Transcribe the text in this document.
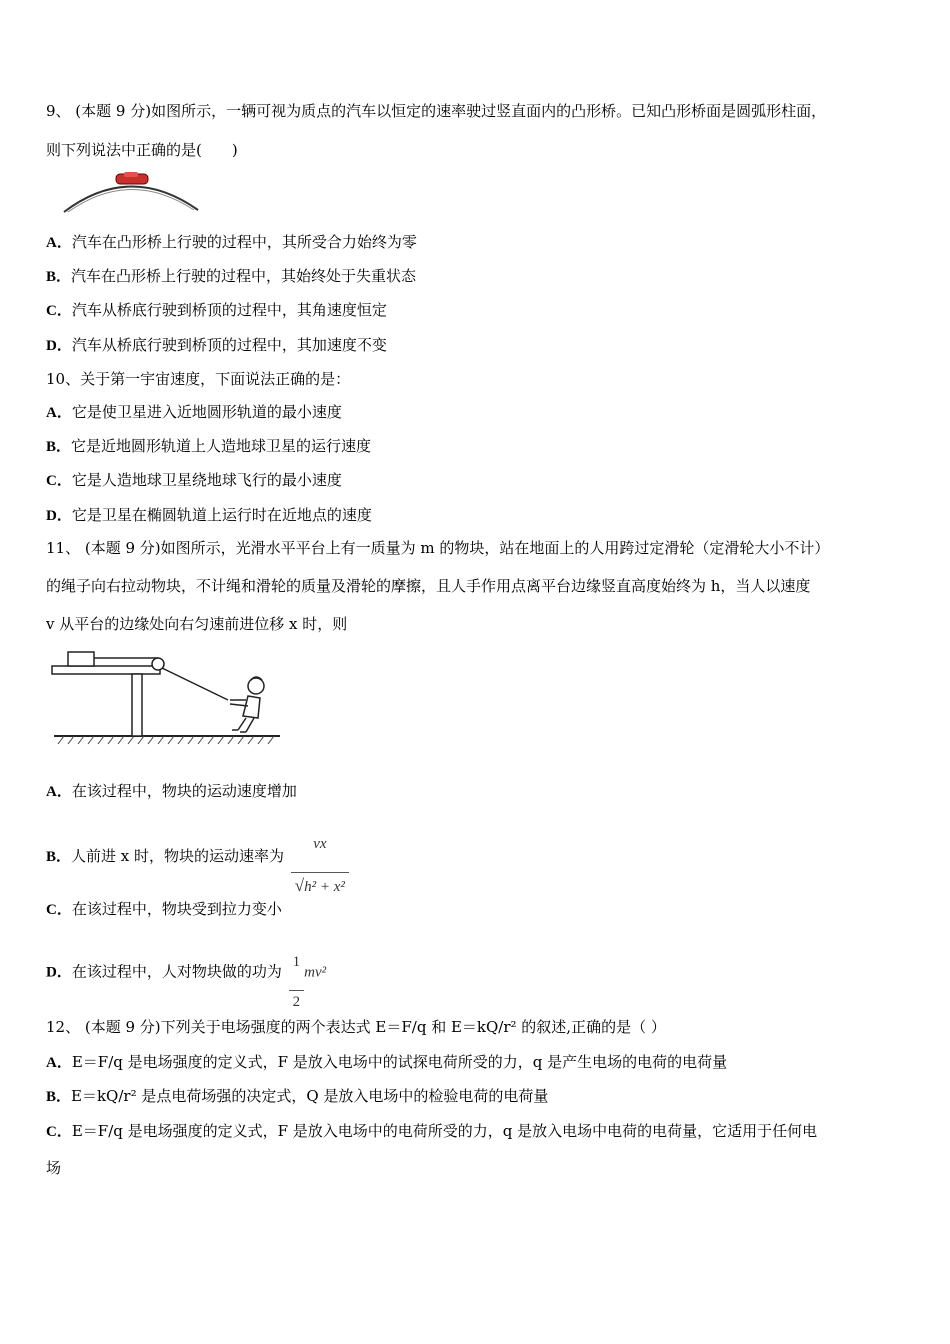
9、 (本题 9 分)如图所示，一辆可视为质点的汽车以恒定的速率驶过竖直面内的凸形桥。已知凸形桥面是圆弧形柱面，
则下列说法中正确的是(　　)
A．汽车在凸形桥上行驶的过程中，其所受合力始终为零
B．汽车在凸形桥上行驶的过程中，其始终处于失重状态
C．汽车从桥底行驶到桥顶的过程中，其角速度恒定
D．汽车从桥底行驶到桥顶的过程中，其加速度不变
10、关于第一宇宙速度，下面说法正确的是：
A．它是使卫星进入近地圆形轨道的最小速度
B．它是近地圆形轨道上人造地球卫星的运行速度
C．它是人造地球卫星绕地球飞行的最小速度
D．它是卫星在椭圆轨道上运行时在近地点的速度
11、 (本题 9 分)如图所示，光滑水平平台上有一质量为 m 的物块，站在地面上的人用跨过定滑轮（定滑轮大小不计）
的绳子向右拉动物块，不计绳和滑轮的质量及滑轮的摩擦，且人手作用点离平台边缘竖直高度始终为 h，当人以速度
v 从平台的边缘处向右匀速前进位移 x 时，则
A．在该过程中，物块的运动速度增加
B．人前进 x 时，物块的运动速率为 $\frac{vx}{\text{√h² + x²}}$
C．在该过程中，物块受到拉力变小
D．在该过程中，人对物块做的功为 $\frac{1}{2} mv^2$
12、 (本题 9 分)下列关于电场强度的两个表达式 E＝F/q 和 E＝kQ/r² 的叙述,正确的是（ ）
A．E＝F/q 是电场强度的定义式，F 是放入电场中的试探电荷所受的力，q 是产生电场的电荷的电荷量
B．E＝kQ/r² 是点电荷场强的决定式，Q 是放入电场中的检验电荷的电荷量
C．E＝F/q 是电场强度的定义式，F 是放入电场中的电荷所受的力，q 是放入电场中电荷的电荷量，它适用于任何电
场
